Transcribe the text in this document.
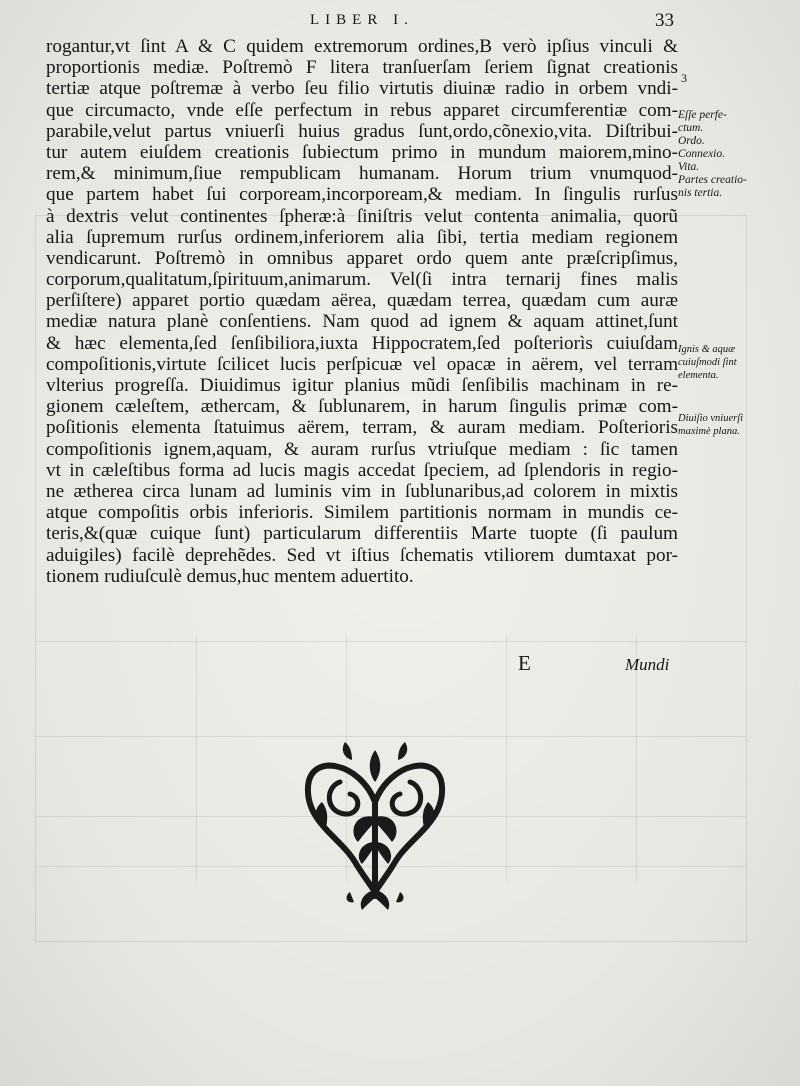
LIBER I.	33
rogantur,vt ſint A & C quidem extremorum ordines,B verò ipſius vinculi &
proportionis mediæ. Poſtremò F litera tranſuerſam ſeriem ſignat creationis
tertiæ atque poſtremæ à verbo ſeu filio virtutis diuinæ radio in orbem vndi-
que circumacto, vnde eſſe perfectum in rebus apparet circumferentiæ com-
parabile,velut partus vniuerſi huius gradus ſunt,ordo,cõnexio,vita. Diſtribui-
tur autem eiuſdem creationis ſubiectum primo in mundum maiorem,mino-
rem,& minimum,ſiue rempublicam humanam. Horum trium vnumquod-
que partem habet ſui corpoream,incorpoream,& mediam. In ſingulis rurſus
à dextris velut continentes ſpheræ:à ſiniſtris velut contenta animalia, quorũ
alia ſupremum rurſus ordinem,inferiorem alia ſibi, tertia mediam regionem
vendicarunt. Poſtremò in omnibus apparet ordo quem ante præſcripſimus,
corporum,qualitatum,ſpirituum,animarum. Vel(ſi intra ternarij fines malis
perſiſtere) apparet portio quædam aërea, quædam terrea, quædam cum auræ
mediæ natura planè conſentiens. Nam quod ad ignem & aquam attinet,ſunt
& hæc elementa,ſed ſenſibiliora,iuxta Hippocratem,ſed poſteriorìs cuiuſdam
compoſitionis,virtute ſcilicet lucis perſpicuæ vel opacæ in aërem, vel terram
vlterius progreſſa. Diuidimus igitur planius mũdi ſenſibilis machinam in re-
gionem cæleſtem, æthercam, & ſublunarem, in harum ſingulis primæ com-
poſitionis elementa ſtatuimus aërem, terram, & auram mediam. Poſterioris
compoſitionis ignem,aquam, & auram rurſus vtriuſque mediam : ſic tamen
vt in cæleſtibus forma ad lucis magis accedat ſpeciem, ad ſplendoris in regio-
ne ætherea circa lunam ad luminis vim in ſublunaribus,ad colorem in mixtis
atque compoſitis orbis inferioris. Similem partitionis normam in mundis ce-
teris,&(quæ cuique ſunt) particularum differentiis Marte tuopte (ſi paulum
aduigiles) facilè deprehẽdes. Sed vt iſtius ſchematis vtiliorem dumtaxat por-
tionem rudiuſculè demus,huc mentem aduertito.
3
Eſſe perfe-
ctum.
Ordo.
Connexio.
Vita.
Partes creatio-
nis tertia.
Ignis & aquæ
cuiuſmodi ſint
elementa.
Diuiſio vniuerſi
maximè plana.
E	Mundi
